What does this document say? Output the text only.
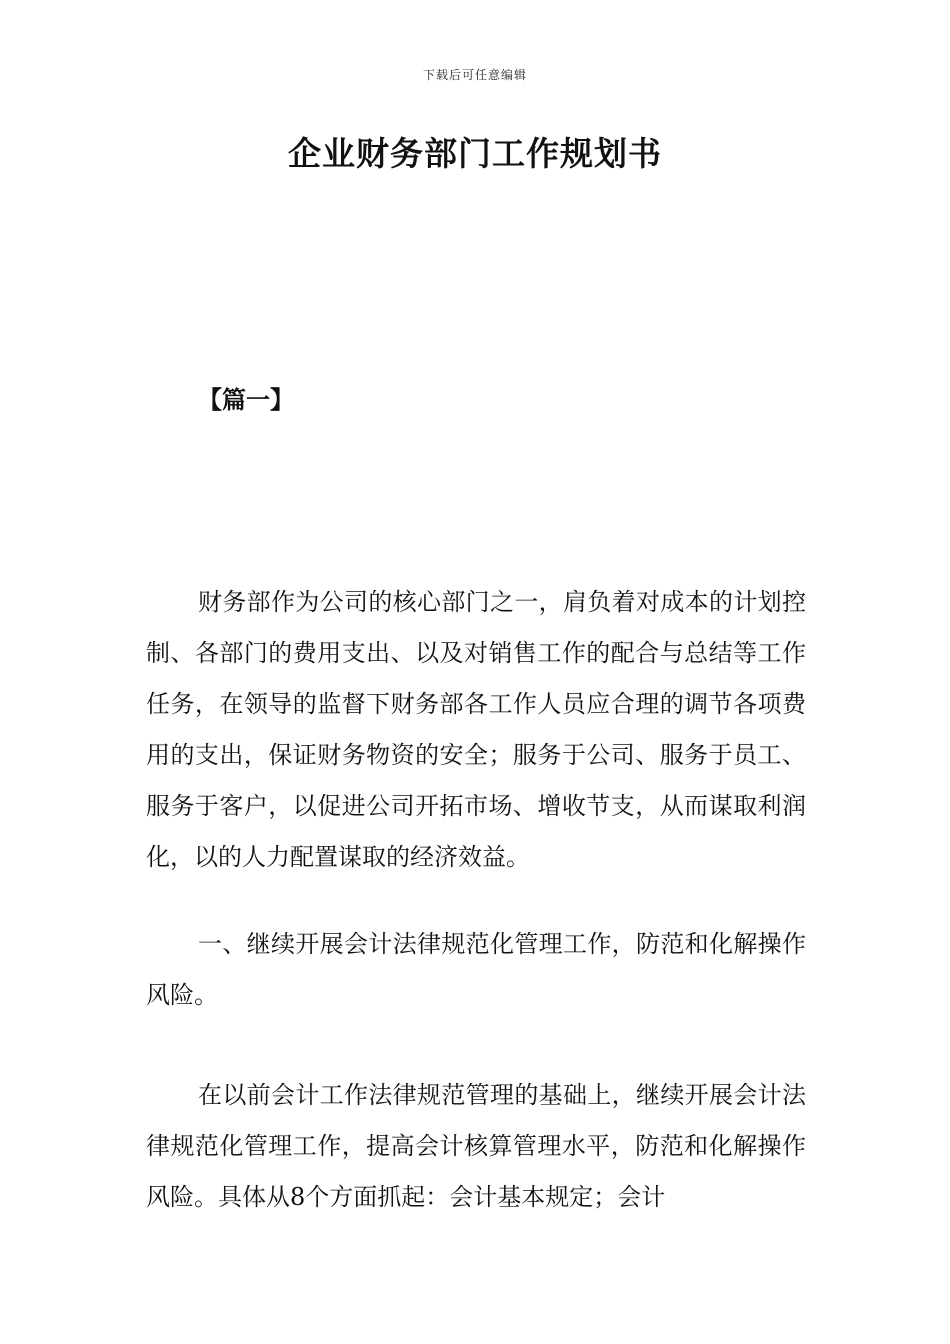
下载后可任意编辑
企业财务部门工作规划书
【篇一】

财务部作为公司的核心部门之一，肩负着对成本的计划控制、各部门的费用支出、以及对销售工作的配合与总结等工作任务，在领导的监督下财务部各工作人员应合理的调节各项费用的支出，保证财务物资的安全；服务于公司、服务于员工、服务于客户，以促进公司开拓市场、增收节支，从而谋取利润化，以的人力配置谋取的经济效益。

一、继续开展会计法律规范化管理工作，防范和化解操作风险。

在以前会计工作法律规范管理的基础上，继续开展会计法律规范化管理工作，提高会计核算管理水平，防范和化解操作风险。具体从8个方面抓起：会计基本规定；会计
